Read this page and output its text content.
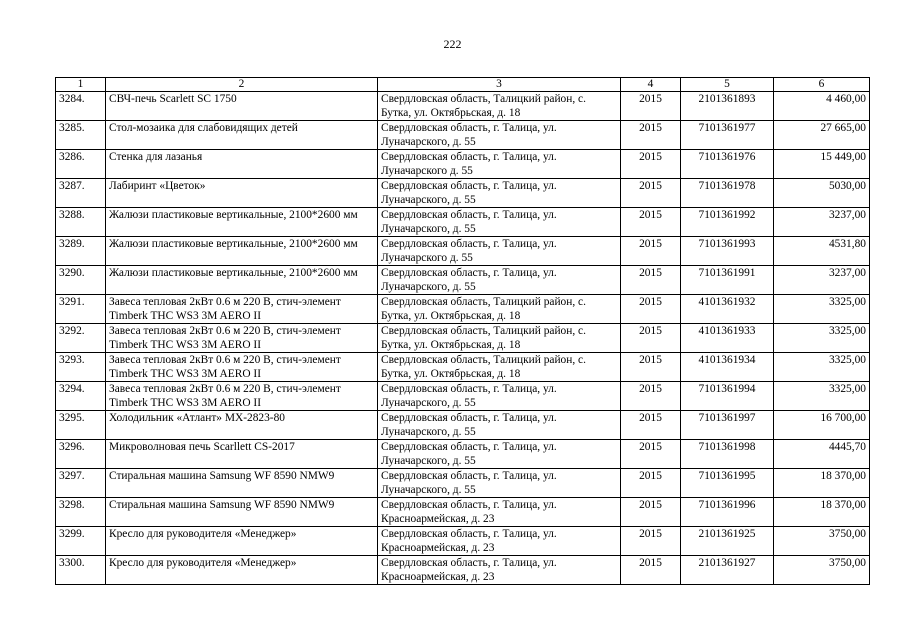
222
1	2	3	4	5	6
3284.	СВЧ-печь Scarlett SC 1750	Свердловская область, Талицкий район, с. Бутка, ул. Октябрьская, д. 18	2015	2101361893	4 460,00
3285.	Стол-мозаика для слабовидящих детей	Свердловская область, г. Талица, ул. Луначарского, д. 55	2015	7101361977	27 665,00
3286.	Стенка для лазанья	Свердловская область, г. Талица, ул. Луначарского д. 55	2015	7101361976	15 449,00
3287.	Лабиринт «Цветок»	Свердловская область, г. Талица, ул. Луначарского, д. 55	2015	7101361978	5030,00
3288.	Жалюзи пластиковые вертикальные, 2100*2600 мм	Свердловская область, г. Талица, ул. Луначарского, д. 55	2015	7101361992	3237,00
3289.	Жалюзи пластиковые вертикальные, 2100*2600 мм	Свердловская область, г. Талица, ул. Луначарского д. 55	2015	7101361993	4531,80
3290.	Жалюзи пластиковые вертикальные, 2100*2600 мм	Свердловская область, г. Талица, ул. Луначарского, д. 55	2015	7101361991	3237,00
3291.	Завеса тепловая 2кВт 0.6 м 220 В, стич-элемент Timberk THC WS3 3M AERO II	Свердловская область, Талицкий район, с. Бутка, ул. Октябрьская, д. 18	2015	4101361932	3325,00
3292.	Завеса тепловая 2кВт 0.6 м 220 В, стич-элемент Timberk THC WS3 3M AERO II	Свердловская область, Талицкий район, с. Бутка, ул. Октябрьская, д. 18	2015	4101361933	3325,00
3293.	Завеса тепловая 2кВт 0.6 м 220 В, стич-элемент Timberk THC WS3 3M AERO II	Свердловская область, Талицкий район, с. Бутка, ул. Октябрьская, д. 18	2015	4101361934	3325,00
3294.	Завеса тепловая 2кВт 0.6 м 220 В, стич-элемент Timberk THC WS3 3M AERO II	Свердловская область, г. Талица, ул. Луначарского, д. 55	2015	7101361994	3325,00
3295.	Холодильник «Атлант» МХ-2823-80	Свердловская область, г. Талица, ул. Луначарского, д. 55	2015	7101361997	16 700,00
3296.	Микроволновая печь Scarllett CS-2017	Свердловская область, г. Талица, ул. Луначарского, д. 55	2015	7101361998	4445,70
3297.	Стиральная машина Samsung WF 8590 NMW9	Свердловская область, г. Талица, ул. Луначарского, д. 55	2015	7101361995	18 370,00
3298.	Стиральная машина Samsung WF 8590 NMW9	Свердловская область, г. Талица, ул. Красноармейская, д. 23	2015	7101361996	18 370,00
3299.	Кресло для руководителя «Менеджер»	Свердловская область, г. Талица, ул. Красноармейская, д. 23	2015	2101361925	3750,00
3300.	Кресло для руководителя «Менеджер»	Свердловская область, г. Талица, ул. Красноармейская, д. 23	2015	2101361927	3750,00
